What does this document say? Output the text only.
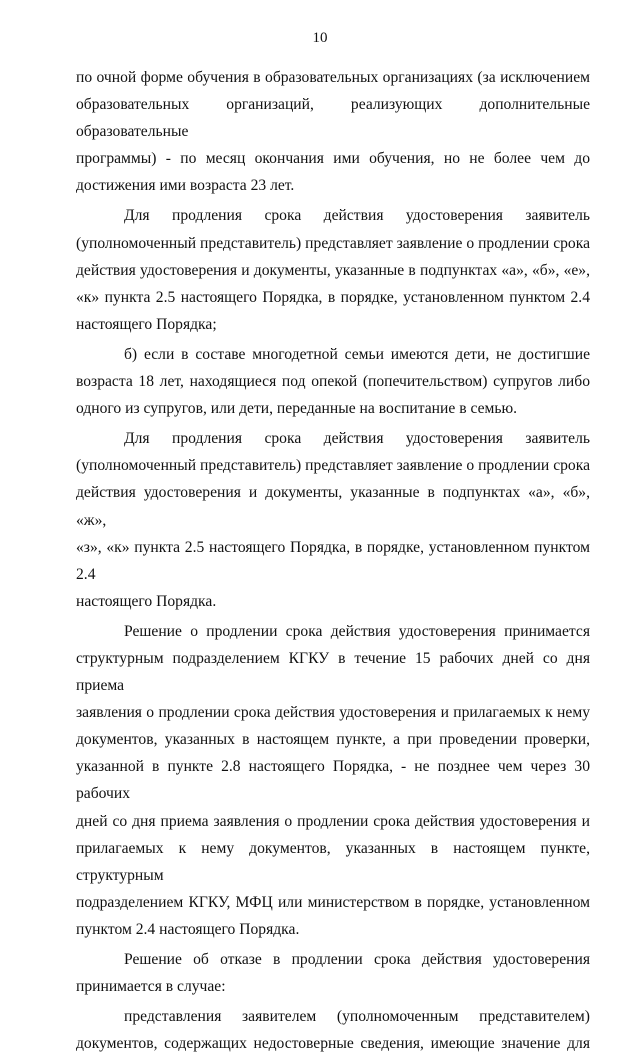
10

по очной форме обучения в образовательных организациях (за исключением

образовательных организаций, реализующих дополнительные образовательные

программы) - по месяц окончания ими обучения, но не более чем до

достижения ими возраста 23 лет.

Для продления срока действия удостоверения заявитель

(уполномоченный представитель) представляет заявление о продлении срока

действия удостоверения и документы, указанные в подпунктах «а», «б», «е»,

«к» пункта 2.5 настоящего Порядка, в порядке, установленном пунктом 2.4

настоящего Порядка;

б) если в составе многодетной семьи имеются дети, не достигшие

возраста 18 лет, находящиеся под опекой (попечительством) супругов либо

одного из супругов, или дети, переданные на воспитание в семью.

Для продления срока действия удостоверения заявитель

(уполномоченный представитель) представляет заявление о продлении срока

действия удостоверения и документы, указанные в подпунктах «а», «б», «ж»,

«з», «к» пункта 2.5 настоящего Порядка, в порядке, установленном пунктом 2.4

настоящего Порядка.

Решение о продлении срока действия удостоверения принимается

структурным подразделением КГКУ в течение 15 рабочих дней со дня приема

заявления о продлении срока действия удостоверения и прилагаемых к нему

документов, указанных в настоящем пункте, а при проведении проверки,

указанной в пункте 2.8 настоящего Порядка, - не позднее чем через 30 рабочих

дней со дня приема заявления о продлении срока действия удостоверения и

прилагаемых к нему документов, указанных в настоящем пункте, структурным

подразделением КГКУ, МФЦ или министерством в порядке, установленном

пунктом 2.4 настоящего Порядка.

Решение об отказе в продлении срока действия удостоверения

принимается в случае:

представления заявителем (уполномоченным представителем)

документов, содержащих недостоверные сведения, имеющие значение для
